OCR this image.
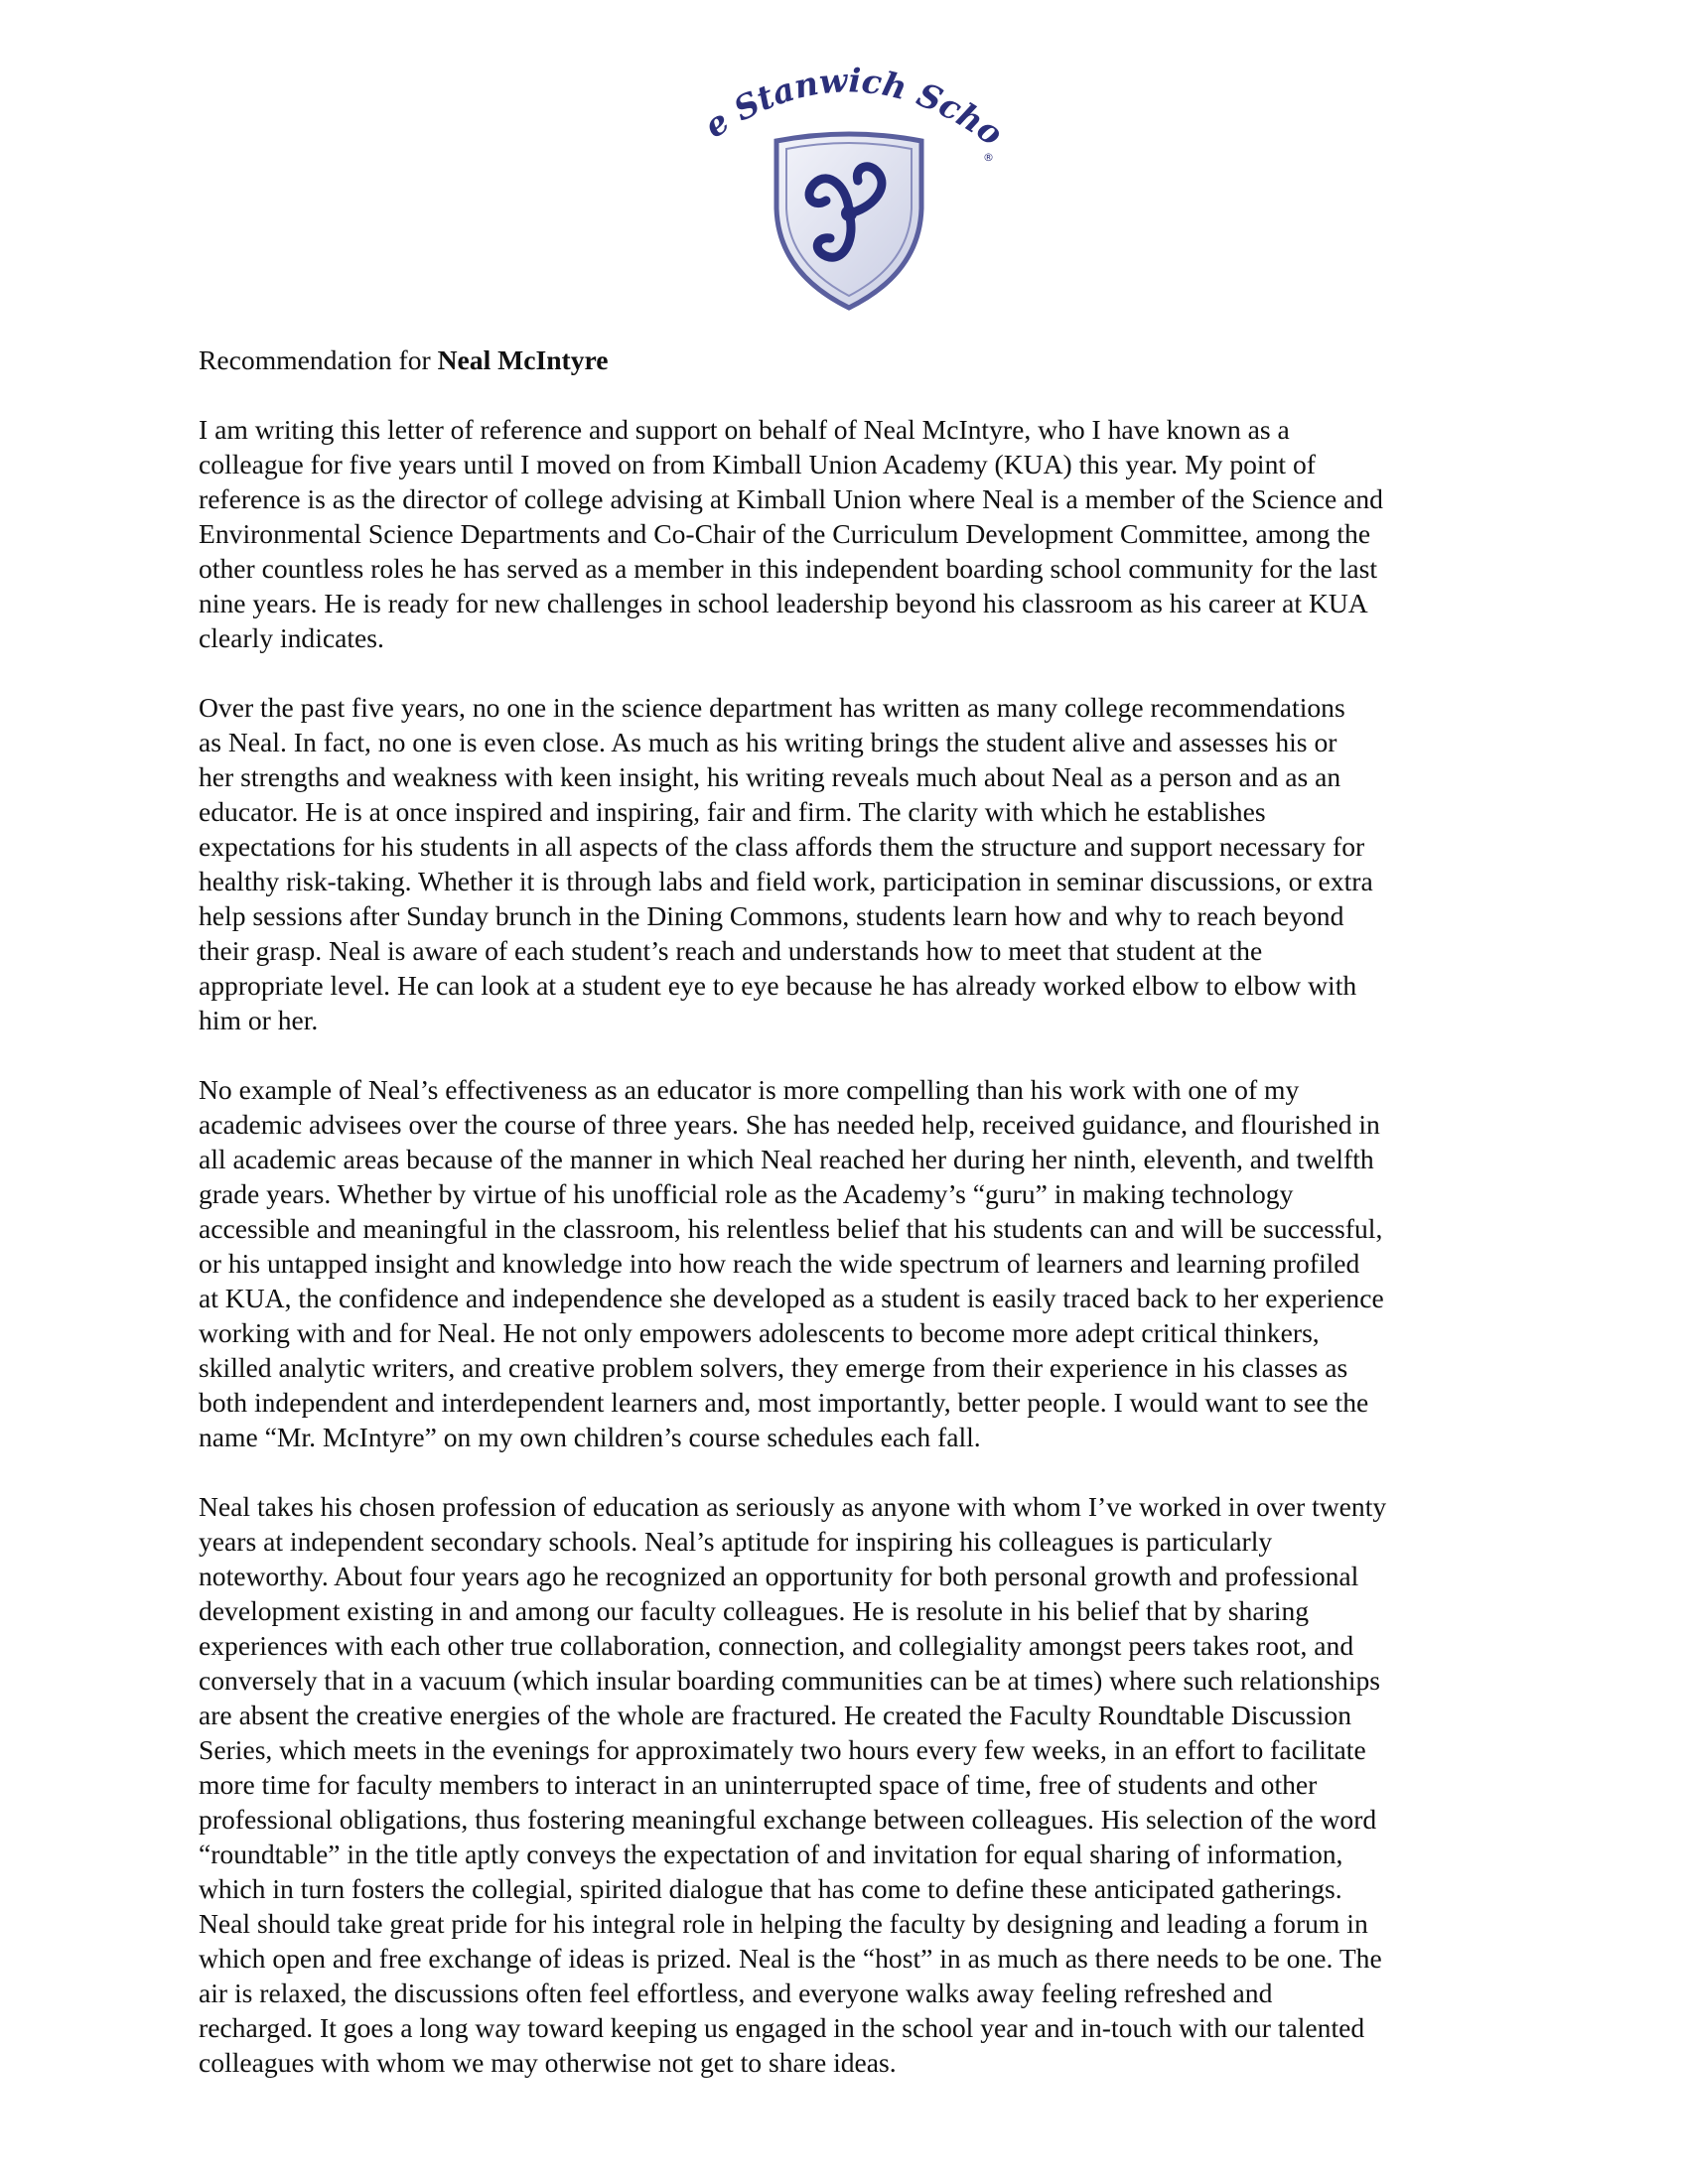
e Stanwich Scho
®
Recommendation for Neal McIntyre

I am writing this letter of reference and support on behalf of Neal McIntyre, who I have known as a
colleague for five years until I moved on from Kimball Union Academy (KUA) this year. My point of
reference is as the director of college advising at Kimball Union where Neal is a member of the Science and
Environmental Science Departments and Co-Chair of the Curriculum Development Committee, among the
other countless roles he has served as a member in this independent boarding school community for the last
nine years. He is ready for new challenges in school leadership beyond his classroom as his career at KUA
clearly indicates.

Over the past five years, no one in the science department has written as many college recommendations
as Neal. In fact, no one is even close. As much as his writing brings the student alive and assesses his or
her strengths and weakness with keen insight, his writing reveals much about Neal as a person and as an
educator. He is at once inspired and inspiring, fair and firm. The clarity with which he establishes
expectations for his students in all aspects of the class affords them the structure and support necessary for
healthy risk-taking. Whether it is through labs and field work, participation in seminar discussions, or extra
help sessions after Sunday brunch in the Dining Commons, students learn how and why to reach beyond
their grasp. Neal is aware of each student’s reach and understands how to meet that student at the
appropriate level. He can look at a student eye to eye because he has already worked elbow to elbow with
him or her.

No example of Neal’s effectiveness as an educator is more compelling than his work with one of my
academic advisees over the course of three years. She has needed help, received guidance, and flourished in
all academic areas because of the manner in which Neal reached her during her ninth, eleventh, and twelfth
grade years. Whether by virtue of his unofficial role as the Academy’s “guru” in making technology
accessible and meaningful in the classroom, his relentless belief that his students can and will be successful,
or his untapped insight and knowledge into how reach the wide spectrum of learners and learning profiled
at KUA, the confidence and independence she developed as a student is easily traced back to her experience
working with and for Neal. He not only empowers adolescents to become more adept critical thinkers,
skilled analytic writers, and creative problem solvers, they emerge from their experience in his classes as
both independent and interdependent learners and, most importantly, better people. I would want to see the
name “Mr. McIntyre” on my own children’s course schedules each fall.

Neal takes his chosen profession of education as seriously as anyone with whom I’ve worked in over twenty
years at independent secondary schools. Neal’s aptitude for inspiring his colleagues is particularly
noteworthy. About four years ago he recognized an opportunity for both personal growth and professional
development existing in and among our faculty colleagues. He is resolute in his belief that by sharing
experiences with each other true collaboration, connection, and collegiality amongst peers takes root, and
conversely that in a vacuum (which insular boarding communities can be at times) where such relationships
are absent the creative energies of the whole are fractured. He created the Faculty Roundtable Discussion
Series, which meets in the evenings for approximately two hours every few weeks, in an effort to facilitate
more time for faculty members to interact in an uninterrupted space of time, free of students and other
professional obligations, thus fostering meaningful exchange between colleagues. His selection of the word
“roundtable” in the title aptly conveys the expectation of and invitation for equal sharing of information,
which in turn fosters the collegial, spirited dialogue that has come to define these anticipated gatherings.
Neal should take great pride for his integral role in helping the faculty by designing and leading a forum in
which open and free exchange of ideas is prized. Neal is the “host” in as much as there needs to be one. The
air is relaxed, the discussions often feel effortless, and everyone walks away feeling refreshed and
recharged. It goes a long way toward keeping us engaged in the school year and in-touch with our talented
colleagues with whom we may otherwise not get to share ideas.
